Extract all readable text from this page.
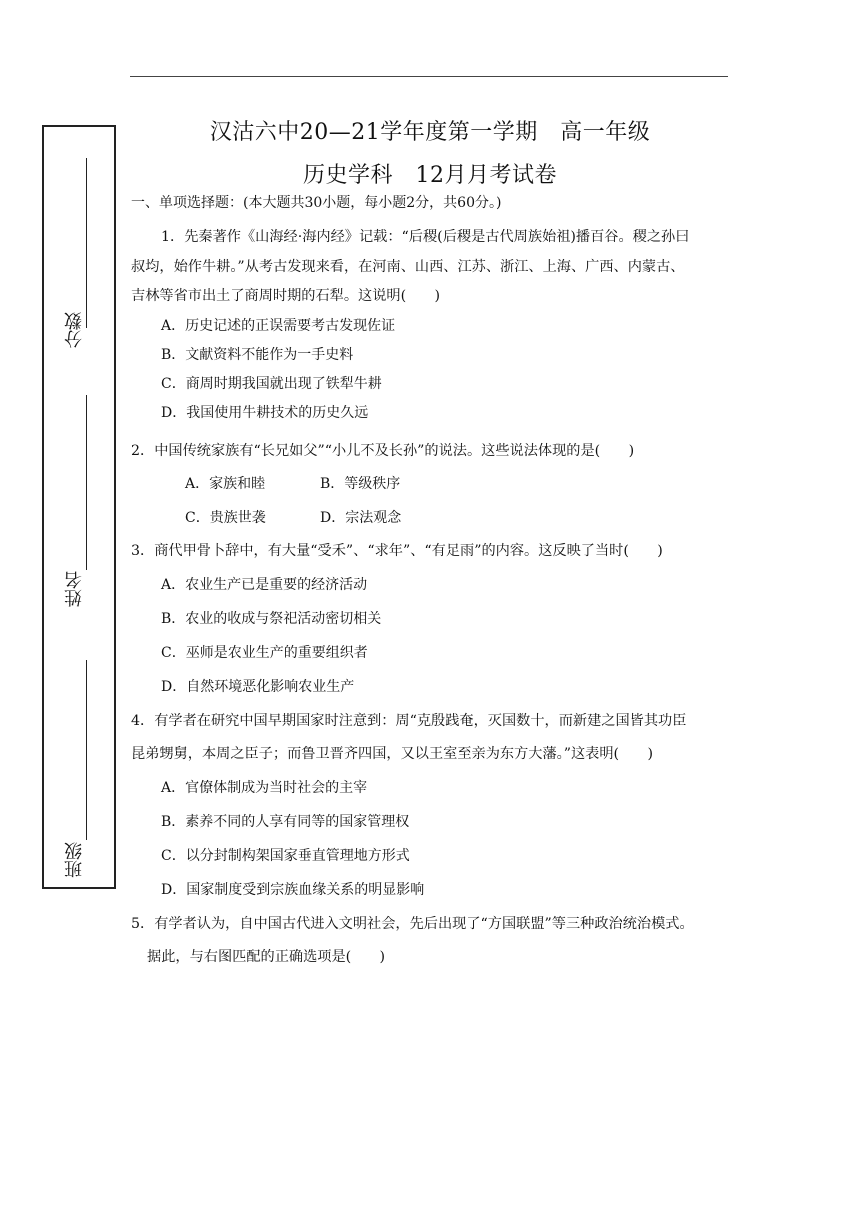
分数
姓名
班级
汉沽六中20—21学年度第一学期　高一年级
历史学科　12月月考试卷
一、单项选择题：(本大题共30小题，每小题2分，共60分。)
1．先秦著作《山海经·海内经》记载：“后稷(后稷是古代周族始祖)播百谷。稷之孙曰
叔均，始作牛耕。”从考古发现来看，在河南、山西、江苏、浙江、上海、广西、内蒙古、
吉林等省市出土了商周时期的石犁。这说明(　　)
A．历史记述的正误需要考古发现佐证
B．文献资料不能作为一手史料
C．商周时期我国就出现了铁犁牛耕
D．我国使用牛耕技术的历史久远
2．中国传统家族有“长兄如父”“小儿不及长孙”的说法。这些说法体现的是(　　)
A．家族和睦	B．等级秩序
C．贵族世袭	D．宗法观念
3．商代甲骨卜辞中，有大量“受禾”、“求年”、“有足雨”的内容。这反映了当时(　　)
A．农业生产已是重要的经济活动
B．农业的收成与祭祀活动密切相关
C．巫师是农业生产的重要组织者
D．自然环境恶化影响农业生产
4．有学者在研究中国早期国家时注意到：周“克殷践奄，灭国数十，而新建之国皆其功臣
昆弟甥舅，本周之臣子；而鲁卫晋齐四国，又以王室至亲为东方大藩。”这表明(　　)
A．官僚体制成为当时社会的主宰
B．素养不同的人享有同等的国家管理权
C．以分封制构架国家垂直管理地方形式
D．国家制度受到宗族血缘关系的明显影响
5．有学者认为，自中国古代进入文明社会，先后出现了“方国联盟”等三种政治统治模式。
据此，与右图匹配的正确选项是(　　)
